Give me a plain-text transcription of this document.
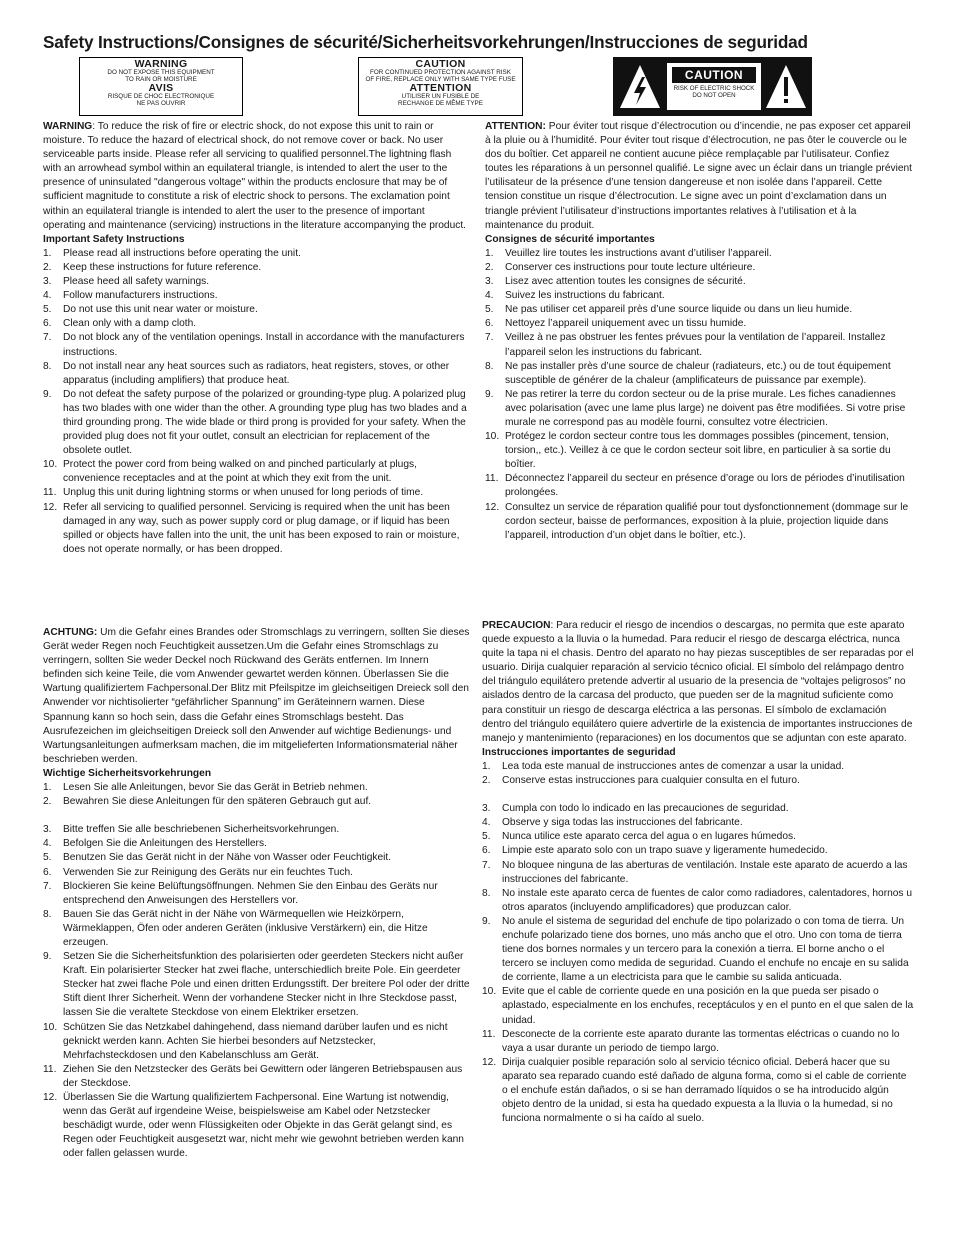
Safety Instructions/Consignes de sécurité/Sicherheitsvorkehrungen/Instrucciones de seguridad
WARNING
DO NOT EXPOSE THIS EQUIPMENT
TO RAIN OR MOISTURE
AVIS
RISQUE DE CHOC ELECTRONIQUE
NE PAS OUVRIR
CAUTION
FOR CONTINUED PROTECTION AGAINST RISK
OF FIRE, REPLACE ONLY WITH SAME TYPE FUSE
ATTENTION
UTILISER UN FUSIBLE DE
RECHANGE DE MÊME TYPE
CAUTION
RISK OF ELECTRIC SHOCK
DO NOT OPEN

WARNING: To reduce the risk of fire or electric shock, do not expose this unit to rain or moisture. To reduce the hazard of electrical shock, do not remove cover or back. No user serviceable parts inside. Please refer all servicing to qualified personnel.The lightning flash with an arrowhead symbol within an equilateral triangle, is intended to alert the user to the presence of uninsulated "dangerous voltage" within the products enclosure that may be of sufficient magnitude to constitute a risk of electric shock to persons. The exclamation point within an equilateral triangle is intended to alert the user to the presence of important operating and maintenance (servicing) instructions in the literature accompanying the product.

Important Safety Instructions

1. Please read all instructions before operating the unit.
2. Keep these instructions for future reference.
3. Please heed all safety warnings.
4. Follow manufacturers instructions.
5. Do not use this unit near water or moisture.
6. Clean only with a damp cloth.
7. Do not block any of the ventilation openings. Install in accordance with the manufacturers instructions.
8. Do not install near any heat sources such as radiators, heat registers, stoves, or other apparatus (including amplifiers) that produce heat.
9. Do not defeat the safety purpose of the polarized or grounding-type plug. A polarized plug has two blades with one wider than the other. A grounding type plug has two blades and a third grounding prong. The wide blade or third prong is provided for your safety. When the provided plug does not fit your outlet, consult an electrician for replacement of the obsolete outlet.
10. Protect the power cord from being walked on and pinched particularly at plugs, convenience receptacles and at the point at which they exit from the unit.
11. Unplug this unit during lightning storms or when unused for long periods of time.
12. Refer all servicing to qualified personnel. Servicing is required when the unit has been damaged in any way, such as power supply cord or plug damage, or if liquid has been spilled or objects have fallen into the unit, the unit has been exposed to rain or moisture, does not operate normally, or has been dropped.

ATTENTION: Pour éviter tout risque d’électrocution ou d’incendie, ne pas exposer cet appareil à la pluie ou à l’humidité. Pour éviter tout risque d’électrocution, ne pas ôter le couvercle ou le dos du boîtier. Cet appareil ne contient aucune pièce remplaçable par l’utilisateur. Confiez toutes les réparations à un personnel qualifié. Le signe avec un éclair dans un triangle prévient l’utilisateur de la présence d’une tension dangereuse et non isolée dans l’appareil. Cette tension constitue un risque d’électrocution. Le signe avec un point d’exclamation dans un triangle prévient l’utilisateur d’instructions importantes relatives à l’utilisation et à la maintenance du produit.

Consignes de sécurité importantes

1. Veuillez lire toutes les instructions avant d’utiliser l’appareil.
2. Conserver ces instructions pour toute lecture ultérieure.
3. Lisez avec attention toutes les consignes de sécurité.
4. Suivez les instructions du fabricant.
5. Ne pas utiliser cet appareil près d’une source liquide ou dans un lieu humide.
6. Nettoyez l’appareil uniquement avec un tissu humide.
7. Veillez à ne pas obstruer les fentes prévues pour la ventilation de l’appareil. Installez l’appareil selon les instructions du fabricant.
8. Ne pas installer près d’une source de chaleur (radiateurs, etc.) ou de tout équipement susceptible de générer de la chaleur (amplificateurs de puissance par exemple).
9. Ne pas retirer la terre du cordon secteur ou de la prise murale. Les fiches canadiennes avec polarisation (avec une lame plus large) ne doivent pas être modifiées. Si votre prise murale ne correspond pas au modèle fourni, consultez votre électricien.
10. Protégez le cordon secteur contre tous les dommages possibles (pincement, tension, torsion,, etc.). Veillez à ce que le cordon secteur soit libre, en particulier à sa sortie du boîtier.
11. Déconnectez l’appareil du secteur en présence d’orage ou lors de périodes d’inutilisation prolongées.
12. Consultez un service de réparation qualifié pour tout dysfonctionnement (dommage sur le cordon secteur, baisse de performances, exposition à la pluie, projection liquide dans l’appareil, introduction d’un objet dans le boîtier, etc.).

ACHTUNG: Um die Gefahr eines Brandes oder Stromschlags zu verringern, sollten Sie dieses Gerät weder Regen noch Feuchtigkeit aussetzen.Um die Gefahr eines Stromschlags zu verringern, sollten Sie weder Deckel noch Rückwand des Geräts entfernen. Im Innern befinden sich keine Teile, die vom Anwender gewartet werden können. Überlassen Sie die Wartung qualifiziertem Fachpersonal.Der Blitz mit Pfeilspitze im gleichseitigen Dreieck soll den Anwender vor nichtisolierter “gefährlicher Spannung” im Geräteinnern warnen. Diese Spannung kann so hoch sein, dass die Gefahr eines Stromschlags besteht. Das Ausrufezeichen im gleichseitigen Dreieck soll den Anwender auf wichtige Bedienungs- und Wartungsanleitungen aufmerksam machen, die im mitgelieferten Informationsmaterial näher beschrieben werden.

Wichtige Sicherheitsvorkehrungen

1. Lesen Sie alle Anleitungen, bevor Sie das Gerät in Betrieb nehmen.
2. Bewahren Sie diese Anleitungen für den späteren Gebrauch gut auf.
3. Bitte treffen Sie alle beschriebenen Sicherheitsvorkehrungen.
4. Befolgen Sie die Anleitungen des Herstellers.
5. Benutzen Sie das Gerät nicht in der Nähe von Wasser oder Feuchtigkeit.
6. Verwenden Sie zur Reinigung des Geräts nur ein feuchtes Tuch.
7. Blockieren Sie keine Belüftungsöffnungen. Nehmen Sie den Einbau des Geräts nur entsprechend den Anweisungen des Herstellers vor.
8. Bauen Sie das Gerät nicht in der Nähe von Wärmequellen wie Heizkörpern, Wärmeklappen, Öfen oder anderen Geräten (inklusive Verstärkern) ein, die Hitze erzeugen.
9. Setzen Sie die Sicherheitsfunktion des polarisierten oder geerdeten Steckers nicht außer Kraft. Ein polarisierter Stecker hat zwei flache, unterschiedlich breite Pole. Ein geerdeter Stecker hat zwei flache Pole und einen dritten Erdungsstift. Der breitere Pol oder der dritte Stift dient Ihrer Sicherheit. Wenn der vorhandene Stecker nicht in Ihre Steckdose passt, lassen Sie die veraltete Steckdose von einem Elektriker ersetzen.
10. Schützen Sie das Netzkabel dahingehend, dass niemand darüber laufen und es nicht geknickt werden kann. Achten Sie hierbei besonders auf Netzstecker, Mehrfachsteckdosen und den Kabelanschluss am Gerät.
11. Ziehen Sie den Netzstecker des Geräts bei Gewittern oder längeren Betriebspausen aus der Steckdose.
12. Überlassen Sie die Wartung qualifiziertem Fachpersonal. Eine Wartung ist notwendig, wenn das Gerät auf irgendeine Weise, beispielsweise am Kabel oder Netzstecker beschädigt wurde, oder wenn Flüssigkeiten oder Objekte in das Gerät gelangt sind, es Regen oder Feuchtigkeit ausgesetzt war, nicht mehr wie gewohnt betrieben werden kann oder fallen gelassen wurde.

PRECAUCION: Para reducir el riesgo de incendios o descargas, no permita que este aparato quede expuesto a la lluvia o la humedad. Para reducir el riesgo de descarga eléctrica, nunca quite la tapa ni el chasis. Dentro del aparato no hay piezas susceptibles de ser reparadas por el usuario. Dirija cualquier reparación al servicio técnico oficial. El símbolo del relámpago dentro del triángulo equilátero pretende advertir al usuario de la presencia de “voltajes peligrosos” no aislados dentro de la carcasa del producto, que pueden ser de la magnitud suficiente como para constituir un riesgo de descarga eléctrica a las personas. El símbolo de exclamación dentro del triángulo equilátero quiere advertirle de la existencia de importantes instrucciones de manejo y mantenimiento (reparaciones) en los documentos que se adjuntan con este aparato.

Instrucciones importantes de seguridad

1. Lea toda este manual de instrucciones antes de comenzar a usar la unidad.
2. Conserve estas instrucciones para cualquier consulta en el futuro.
3. Cumpla con todo lo indicado en las precauciones de seguridad.
4. Observe y siga todas las instrucciones del fabricante.
5. Nunca utilice este aparato cerca del agua o en lugares húmedos.
6. Limpie este aparato solo con un trapo suave y ligeramente humedecido.
7. No bloquee ninguna de las aberturas de ventilación. Instale este aparato de acuerdo a las instrucciones del fabricante.
8. No instale este aparato cerca de fuentes de calor como radiadores, calentadores, hornos u otros aparatos (incluyendo amplificadores) que produzcan calor.
9. No anule el sistema de seguridad del enchufe de tipo polarizado o con toma de tierra. Un enchufe polarizado tiene dos bornes, uno más ancho que el otro. Uno con toma de tierra tiene dos bornes normales y un tercero para la conexión a tierra. El borne ancho o el tercero se incluyen como medida de seguridad. Cuando el enchufe no encaje en su salida de corriente, llame a un electricista para que le cambie su salida anticuada.
10. Evite que el cable de corriente quede en una posición en la que pueda ser pisado o aplastado, especialmente en los enchufes, receptáculos y en el punto en el que salen de la unidad.
11. Desconecte de la corriente este aparato durante las tormentas eléctricas o cuando no lo vaya a usar durante un periodo de tiempo largo.
12. Dirija cualquier posible reparación solo al servicio técnico oficial. Deberá hacer que su aparato sea reparado cuando esté dañado de alguna forma, como si el cable de corriente o el enchufe están dañados, o si se han derramado líquidos o se ha introducido algún objeto dentro de la unidad, si esta ha quedado expuesta a la lluvia o la humedad, si no funciona normalmente o si ha caído al suelo.
